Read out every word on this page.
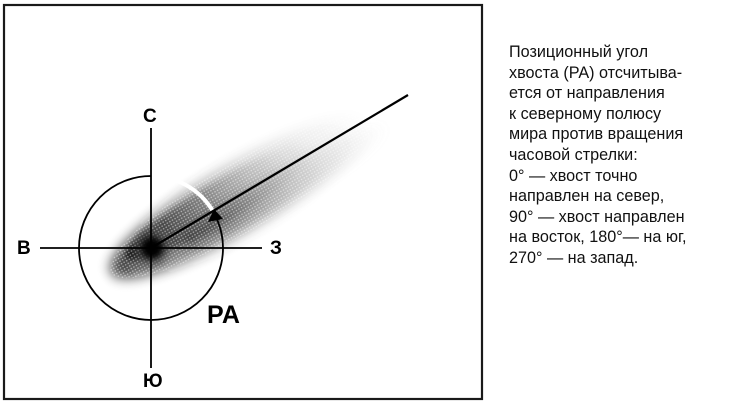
С
В	З
Ю
PA
Позиционный угол
хвоста (PA) отсчитыва-
ется от направления
к северному полюсу
мира против вращения
часовой стрелки:
0° — хвост точно
направлен на север,
90° — хвост направлен
на восток, 180°— на юг,
270° — на запад.
